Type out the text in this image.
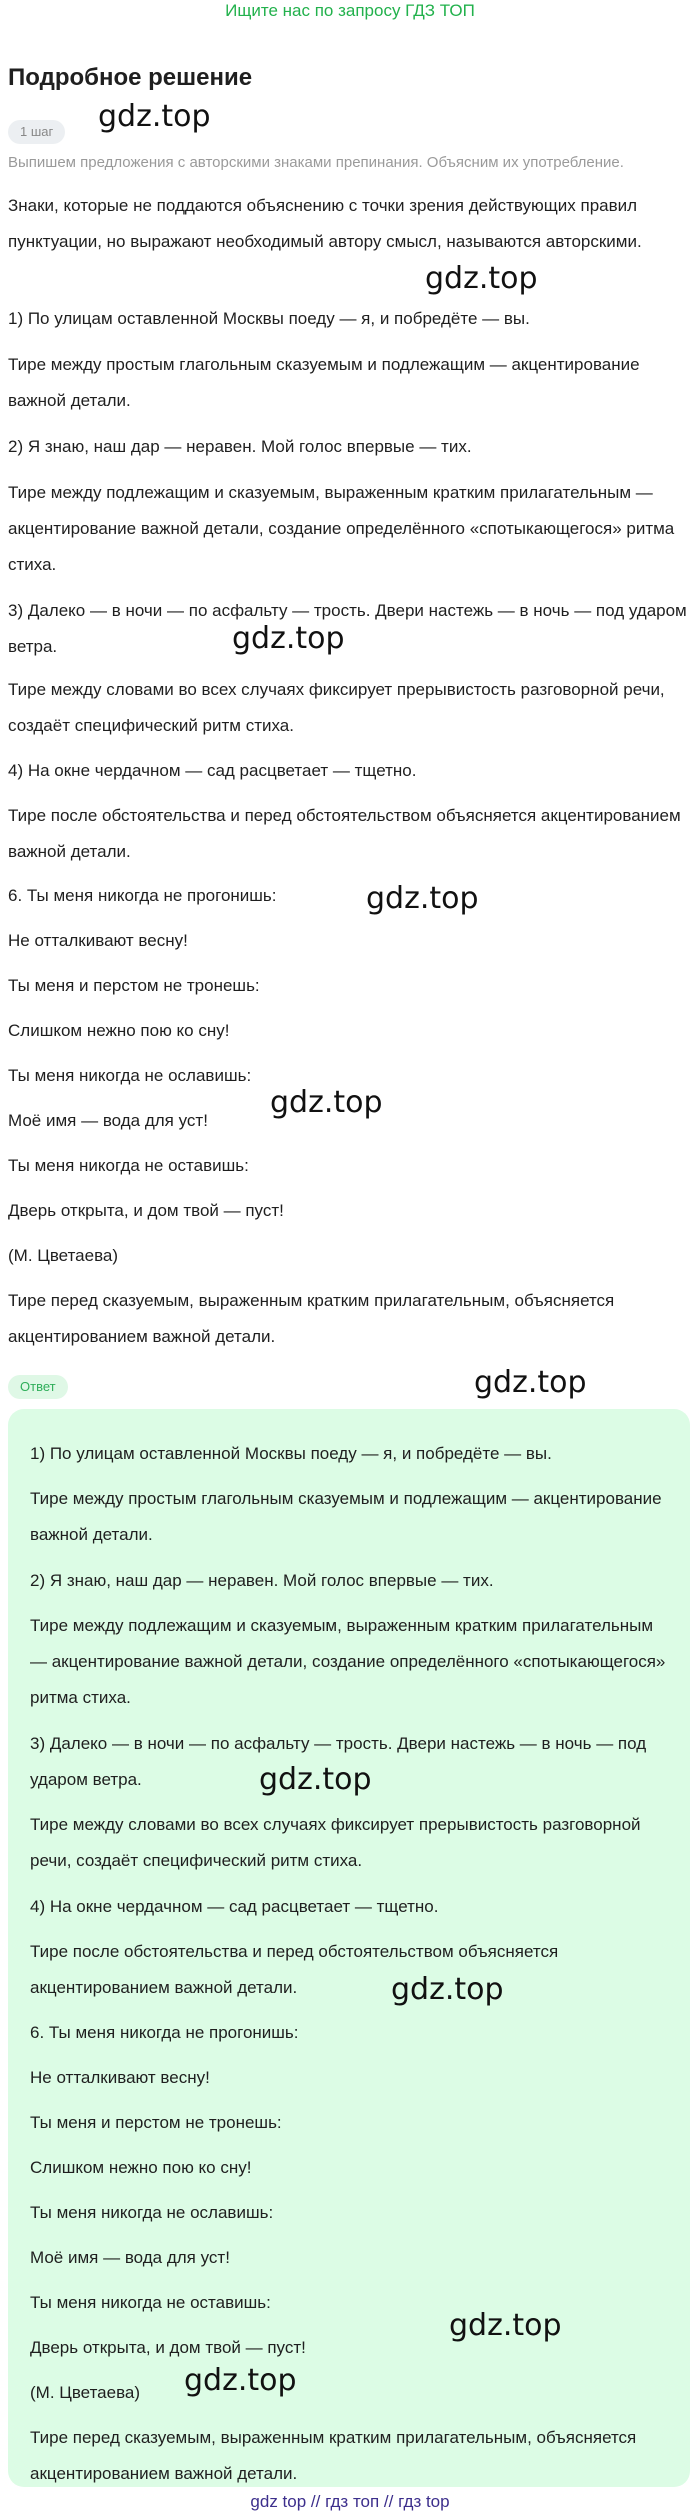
Ищите нас по запросу ГДЗ ТОП
Подробное решение
1 шаг
Выпишем предложения с авторскими знаками препинания. Объясним их употребление.

Знаки, которые не поддаются объяснению с точки зрения действующих правил пунктуации, но выражают необходимый автору смысл, называются авторскими.

1) По улицам оставленной Москвы поеду — я, и побредёте — вы.

Тире между простым глагольным сказуемым и подлежащим — акцентирование важной детали.

2) Я знаю, наш дар — неравен. Мой голос впервые — тих.

Тире между подлежащим и сказуемым, выраженным кратким прилагательным — акцентирование важной детали, создание определённого «спотыкающегося» ритма стиха.

3) Далеко — в ночи — по асфальту — трость. Двери настежь — в ночь — под ударом ветра.

Тире между словами во всех случаях фиксирует прерывистость разговорной речи, создаёт специфический ритм стиха.

4) На окне чердачном — сад расцветает — тщетно.

Тире после обстоятельства и перед обстоятельством объясняется акцентированием важной детали.

6. Ты меня никогда не прогонишь:

Не отталкивают весну!

Ты меня и перстом не тронешь:

Слишком нежно пою ко сну!

Ты меня никогда не ославишь:

Моё имя — вода для уст!

Ты меня никогда не оставишь:

Дверь открыта, и дом твой — пуст!

(М. Цветаева)

Тире перед сказуемым, выраженным кратким прилагательным, объясняется акцентированием важной детали.

Ответ

1) По улицам оставленной Москвы поеду — я, и побредёте — вы.

Тире между простым глагольным сказуемым и подлежащим — акцентирование важной детали.

2) Я знаю, наш дар — неравен. Мой голос впервые — тих.

Тире между подлежащим и сказуемым, выраженным кратким прилагательным — акцентирование важной детали, создание определённого «спотыкающегося» ритма стиха.

3) Далеко — в ночи — по асфальту — трость. Двери настежь — в ночь — под ударом ветра.

Тире между словами во всех случаях фиксирует прерывистость разговорной речи, создаёт специфический ритм стиха.

4) На окне чердачном — сад расцветает — тщетно.

Тире после обстоятельства и перед обстоятельством объясняется акцентированием важной детали.

6. Ты меня никогда не прогонишь:

Не отталкивают весну!

Ты меня и перстом не тронешь:

Слишком нежно пою ко сну!

Ты меня никогда не ославишь:

Моё имя — вода для уст!

Ты меня никогда не оставишь:

Дверь открыта, и дом твой — пуст!

(М. Цветаева)

Тире перед сказуемым, выраженным кратким прилагательным, объясняется акцентированием важной детали.

gdz.top
gdz.top
gdz.top
gdz.top
gdz.top
gdz.top
gdz.top
gdz.top
gdz.top
gdz.top
gdz top // гдз топ // гдз top
